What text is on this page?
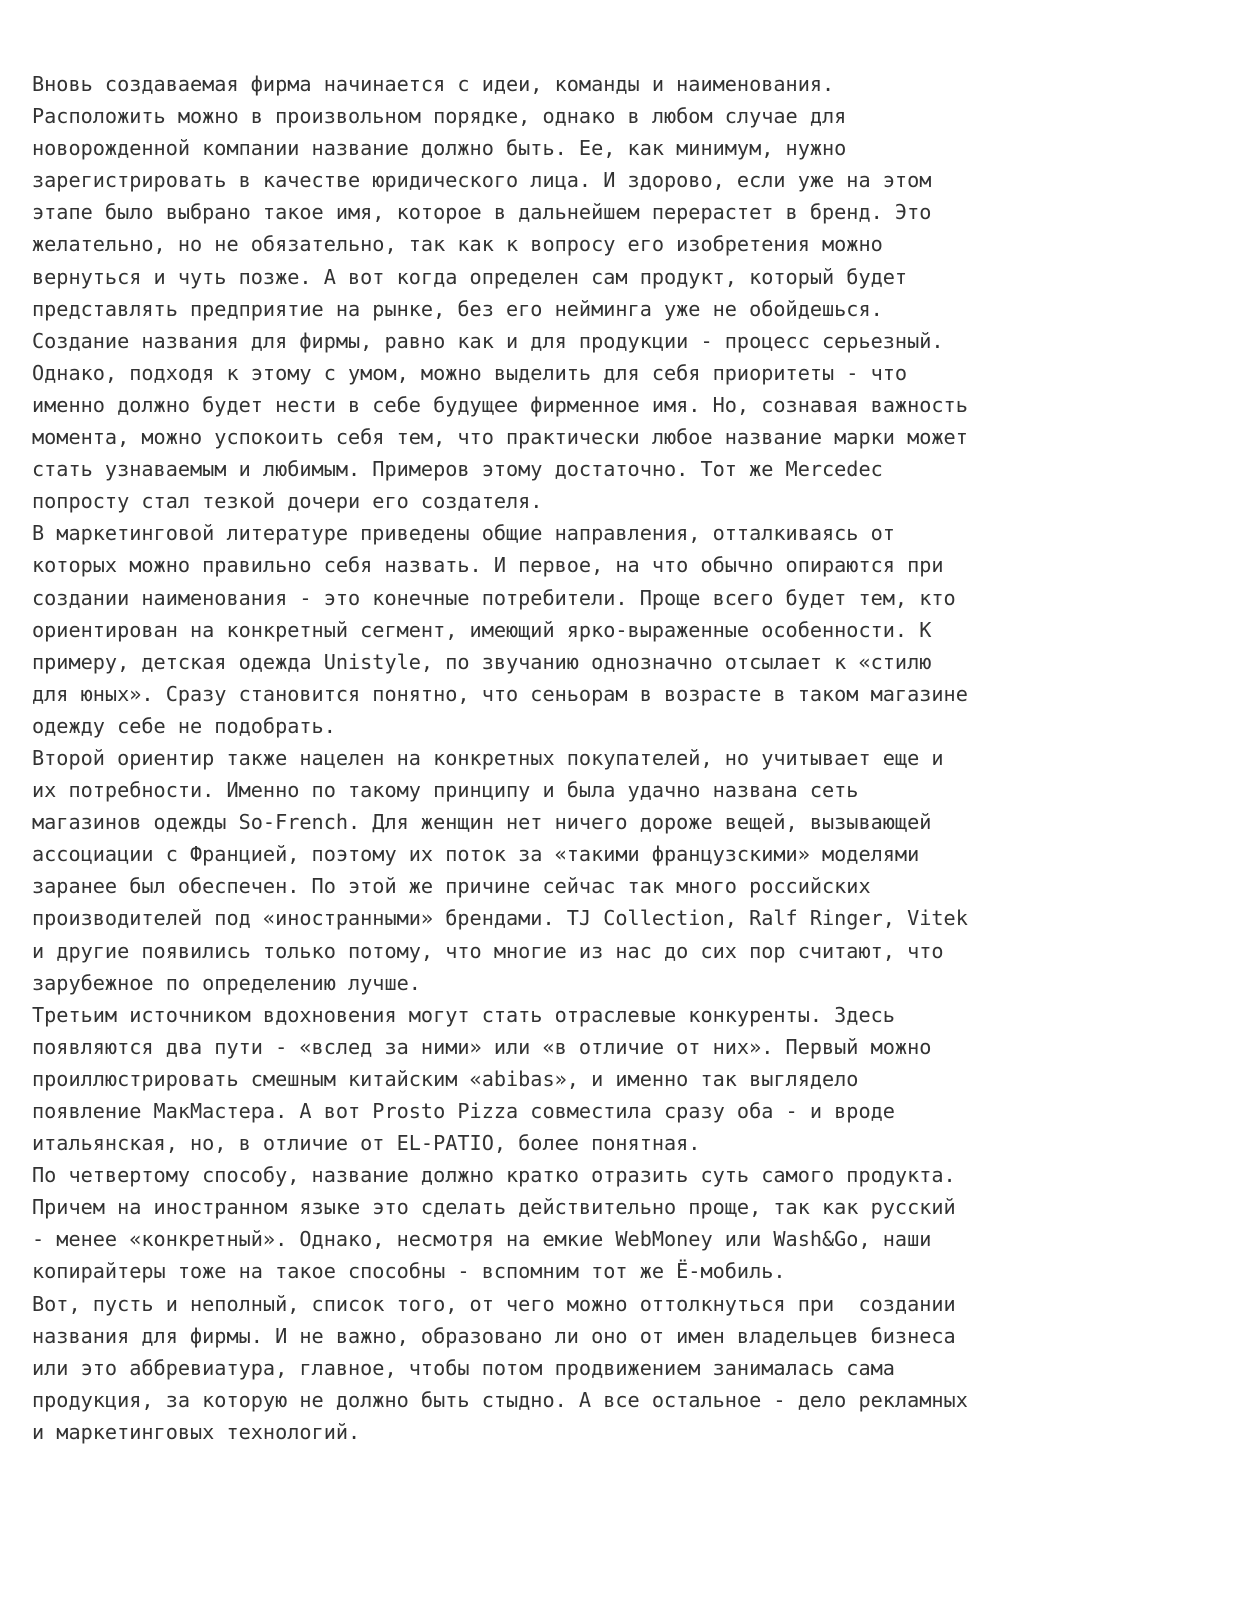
Вновь создаваемая фирма начинается с идеи, команды и наименования.
Расположить можно в произвольном порядке, однако в любом случае для
новорожденной компании название должно быть. Ее, как минимум, нужно
зарегистрировать в качестве юридического лица. И здорово, если уже на этом
этапе было выбрано такое имя, которое в дальнейшем перерастет в бренд. Это
желательно, но не обязательно, так как к вопросу его изобретения можно
вернуться и чуть позже. А вот когда определен сам продукт, который будет
представлять предприятие на рынке, без его нейминга уже не обойдешься.
Создание названия для фирмы, равно как и для продукции - процесс серьезный.
Однако, подходя к этому с умом, можно выделить для себя приоритеты - что
именно должно будет нести в себе будущее фирменное имя. Но, сознавая важность
момента, можно успокоить себя тем, что практически любое название марки может
стать узнаваемым и любимым. Примеров этому достаточно. Тот же Mercedec
попросту стал тезкой дочери его создателя.
В маркетинговой литературе приведены общие направления, отталкиваясь от
которых можно правильно себя назвать. И первое, на что обычно опираются при
создании наименования - это конечные потребители. Проще всего будет тем, кто
ориентирован на конкретный сегмент, имеющий ярко-выраженные особенности. К
примеру, детская одежда Unistyle, по звучанию однозначно отсылает к «стилю
для юных». Сразу становится понятно, что сеньорам в возрасте в таком магазине
одежду себе не подобрать.
Второй ориентир также нацелен на конкретных покупателей, но учитывает еще и
их потребности. Именно по такому принципу и была удачно названа сеть
магазинов одежды So-French. Для женщин нет ничего дороже вещей, вызывающей
ассоциации с Францией, поэтому их поток за «такими французскими» моделями
заранее был обеспечен. По этой же причине сейчас так много российских
производителей под «иностранными» брендами. TJ Collection, Ralf Ringer, Vitek
и другие появились только потому, что многие из нас до сих пор считают, что
зарубежное по определению лучше.
Третьим источником вдохновения могут стать отраслевые конкуренты. Здесь
появляются два пути - «вслед за ними» или «в отличие от них». Первый можно
проиллюстрировать смешным китайским «abibas», и именно так выглядело
появление МакМастера. А вот Prosto Pizza совместила сразу оба - и вроде
итальянская, но, в отличие от EL-PATIO, более понятная.
По четвертому способу, название должно кратко отразить суть самого продукта.
Причем на иностранном языке это сделать действительно проще, так как русский
- менее «конкретный». Однако, несмотря на емкие WebMoney или Wash&Go, наши
копирайтеры тоже на такое способны - вспомним тот же Ё-мобиль.
Вот, пусть и неполный, список того, от чего можно оттолкнуться при  создании
названия для фирмы. И не важно, образовано ли оно от имен владельцев бизнеса
или это аббревиатура, главное, чтобы потом продвижением занималась сама
продукция, за которую не должно быть стыдно. А все остальное - дело рекламных
и маркетинговых технологий.
